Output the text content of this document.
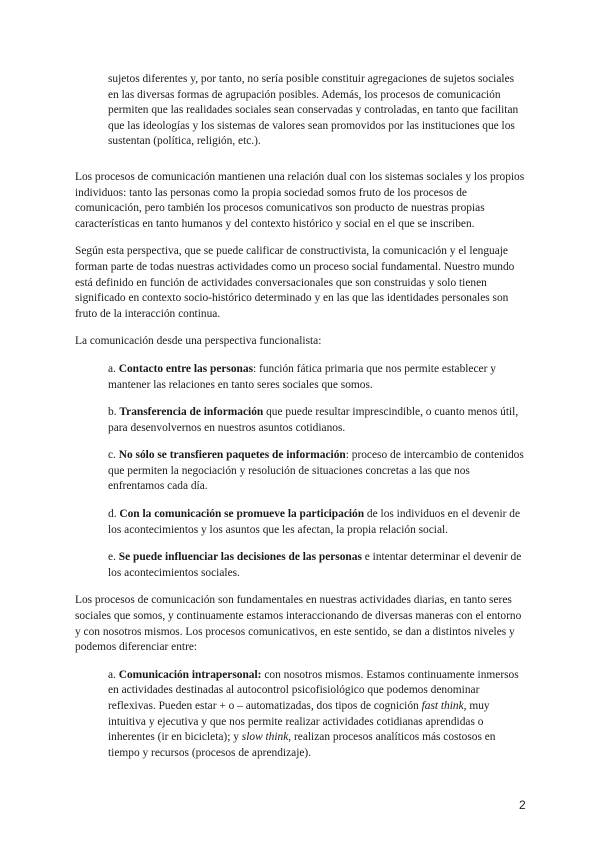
sujetos diferentes y, por tanto, no sería posible constituir agregaciones de sujetos sociales en las diversas formas de agrupación posibles. Además, los procesos de comunicación permiten que las realidades sociales sean conservadas y controladas, en tanto que facilitan que las ideologías y los sistemas de valores sean promovidos por las instituciones que los sustentan (política, religión, etc.).

Los procesos de comunicación mantienen una relación dual con los sistemas sociales y los propios individuos: tanto las personas como la propia sociedad somos fruto de los procesos de comunicación, pero también los procesos comunicativos son producto de nuestras propias características en tanto humanos y del contexto histórico y social en el que se inscriben.

Según esta perspectiva, que se puede calificar de constructivista, la comunicación y el lenguaje forman parte de todas nuestras actividades como un proceso social fundamental. Nuestro mundo está definido en función de actividades conversacionales que son construidas y solo tienen significado en contexto socio-histórico determinado y en las que las identidades personales son fruto de la interacción continua.

La comunicación desde una perspectiva funcionalista:

a. Contacto entre las personas: función fática primaria que nos permite establecer y mantener las relaciones en tanto seres sociales que somos.

b. Transferencia de información que puede resultar imprescindible, o cuanto menos útil, para desenvolvernos en nuestros asuntos cotidianos.

c. No sólo se transfieren paquetes de información: proceso de intercambio de contenidos que permiten la negociación y resolución de situaciones concretas a las que nos enfrentamos cada día.

d. Con la comunicación se promueve la participación de los individuos en el devenir de los acontecimientos y los asuntos que les afectan, la propia relación social.

e. Se puede influenciar las decisiones de las personas e intentar determinar el devenir de los acontecimientos sociales.

Los procesos de comunicación son fundamentales en nuestras actividades diarias, en tanto seres sociales que somos, y continuamente estamos interaccionando de diversas maneras con el entorno y con nosotros mismos. Los procesos comunicativos, en este sentido, se dan a distintos niveles y podemos diferenciar entre:

a. Comunicación intrapersonal: con nosotros mismos. Estamos continuamente inmersos en actividades destinadas al autocontrol psicofisiológico que podemos denominar reflexivas. Pueden estar + o – automatizadas, dos tipos de cognición fast think, muy intuitiva y ejecutiva y que nos permite realizar actividades cotidianas aprendidas o inherentes (ir en bicicleta); y slow think, realizan procesos analíticos más costosos en tiempo y recursos (procesos de aprendizaje).

2
